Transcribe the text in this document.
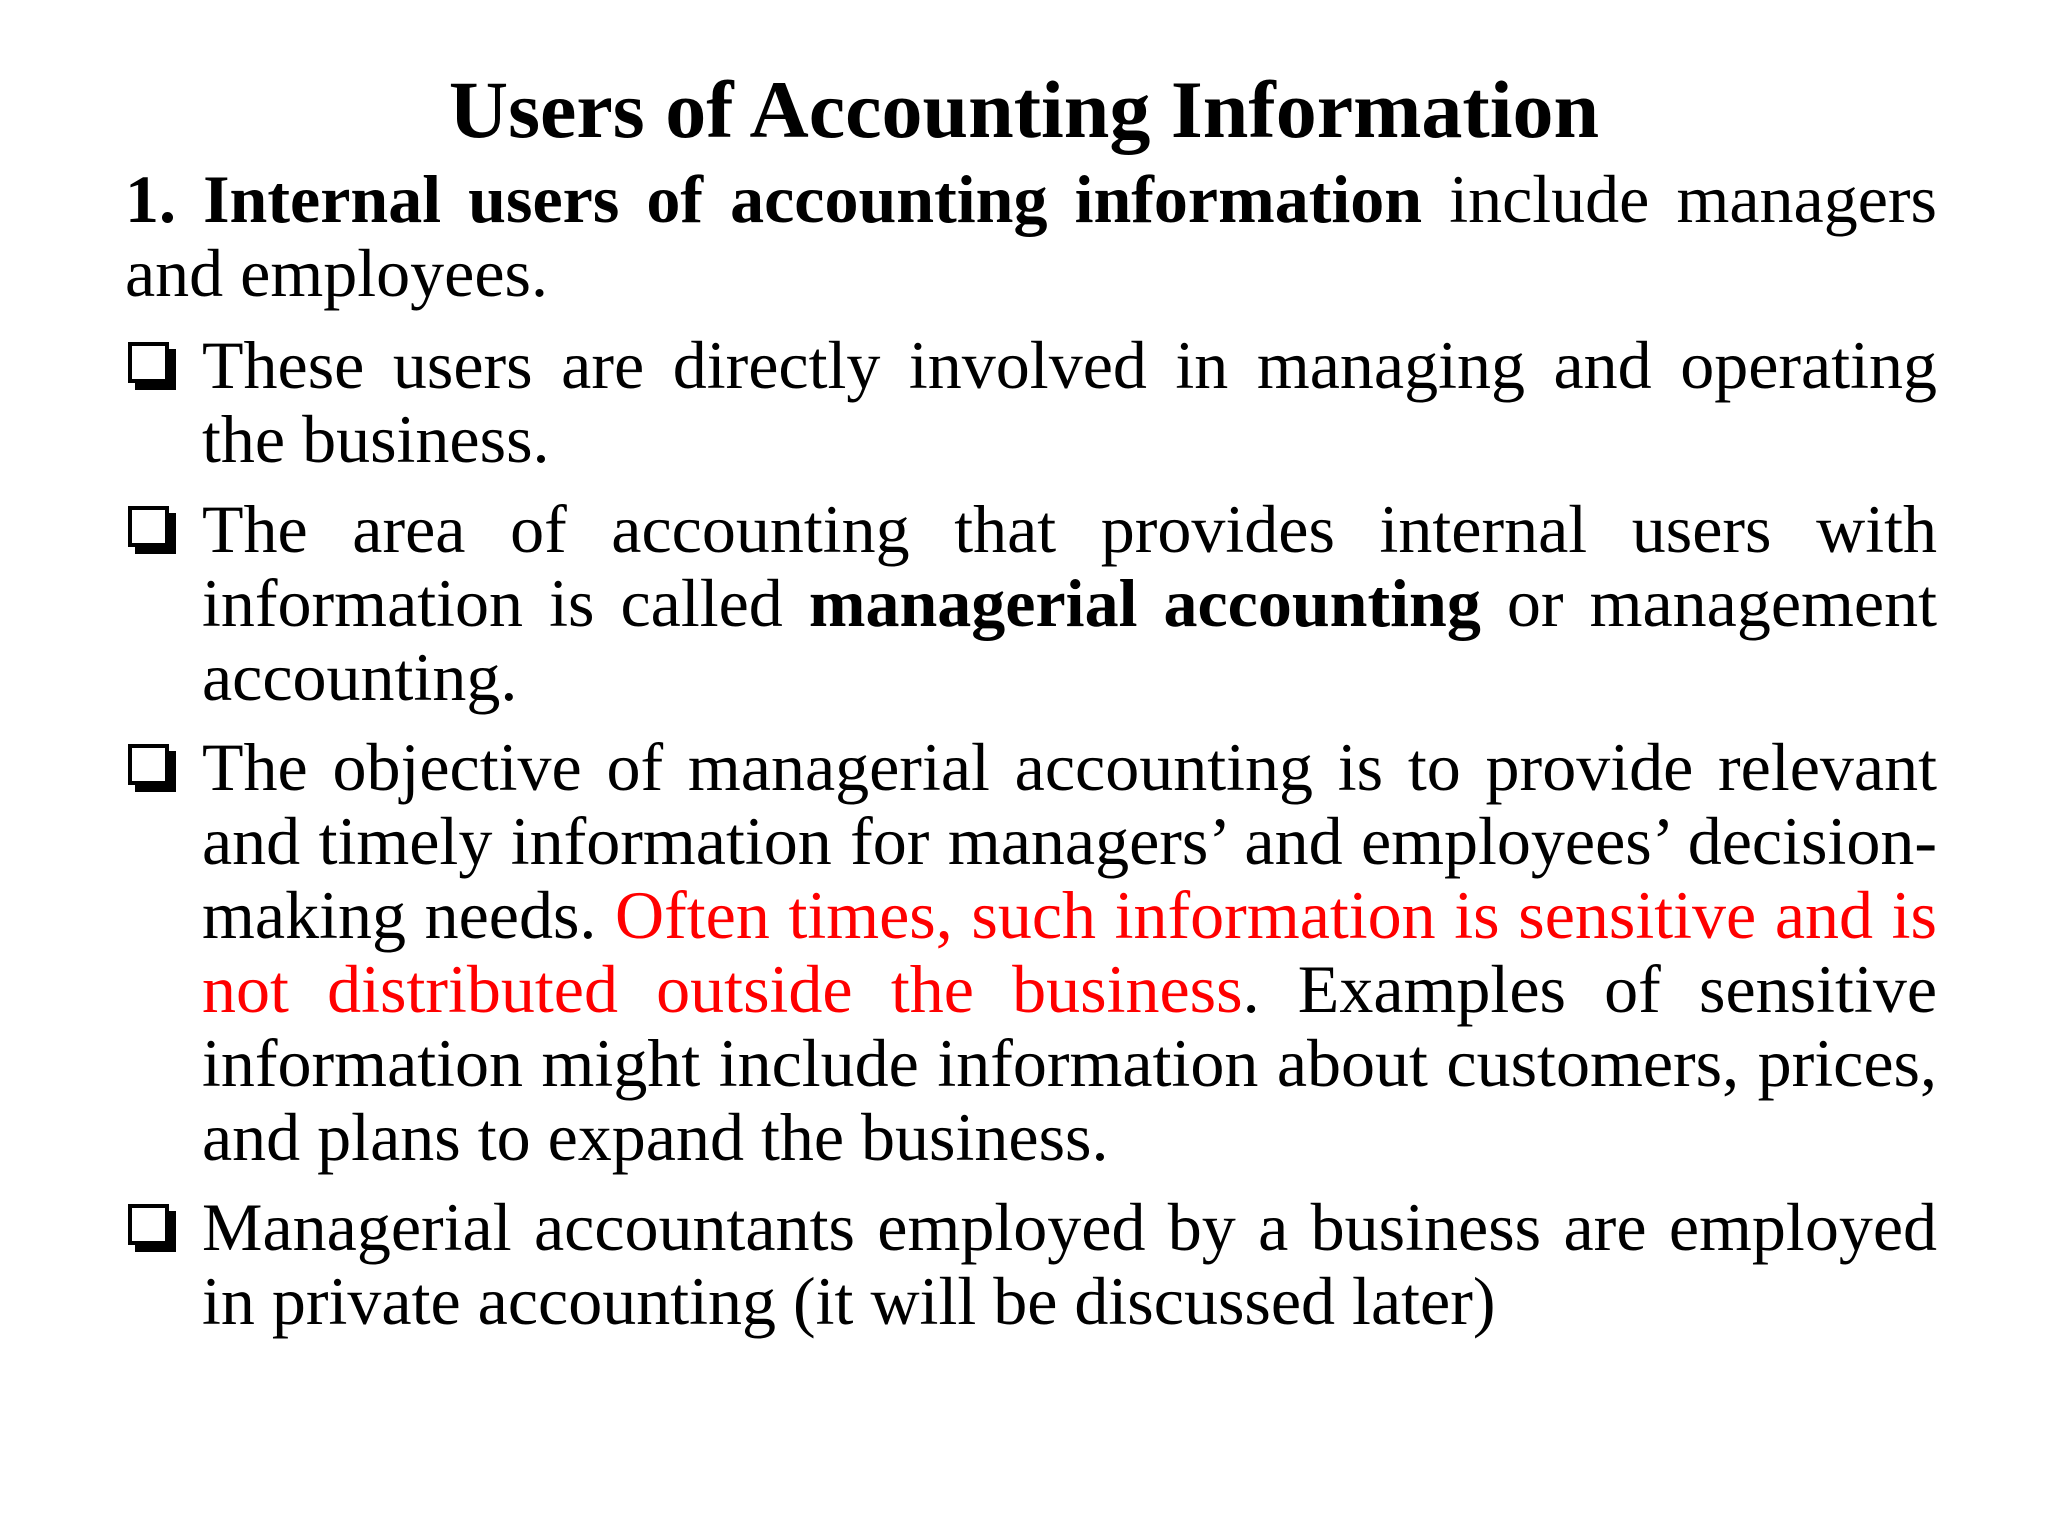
Users of Accounting Information

1. Internal users of accounting information include managers and employees.

These users are directly involved in managing and operating the business.

The area of accounting that provides internal users with information is called managerial accounting or management accounting.

The objective of managerial accounting is to provide relevant and timely information for managers’ and employees’ decision-making needs. Often times, such information is sensitive and is not distributed outside the business. Examples of sensitive information might include information about customers, prices, and plans to expand the business.

Managerial accountants employed by a business are employed in private accounting (it will be discussed later)
